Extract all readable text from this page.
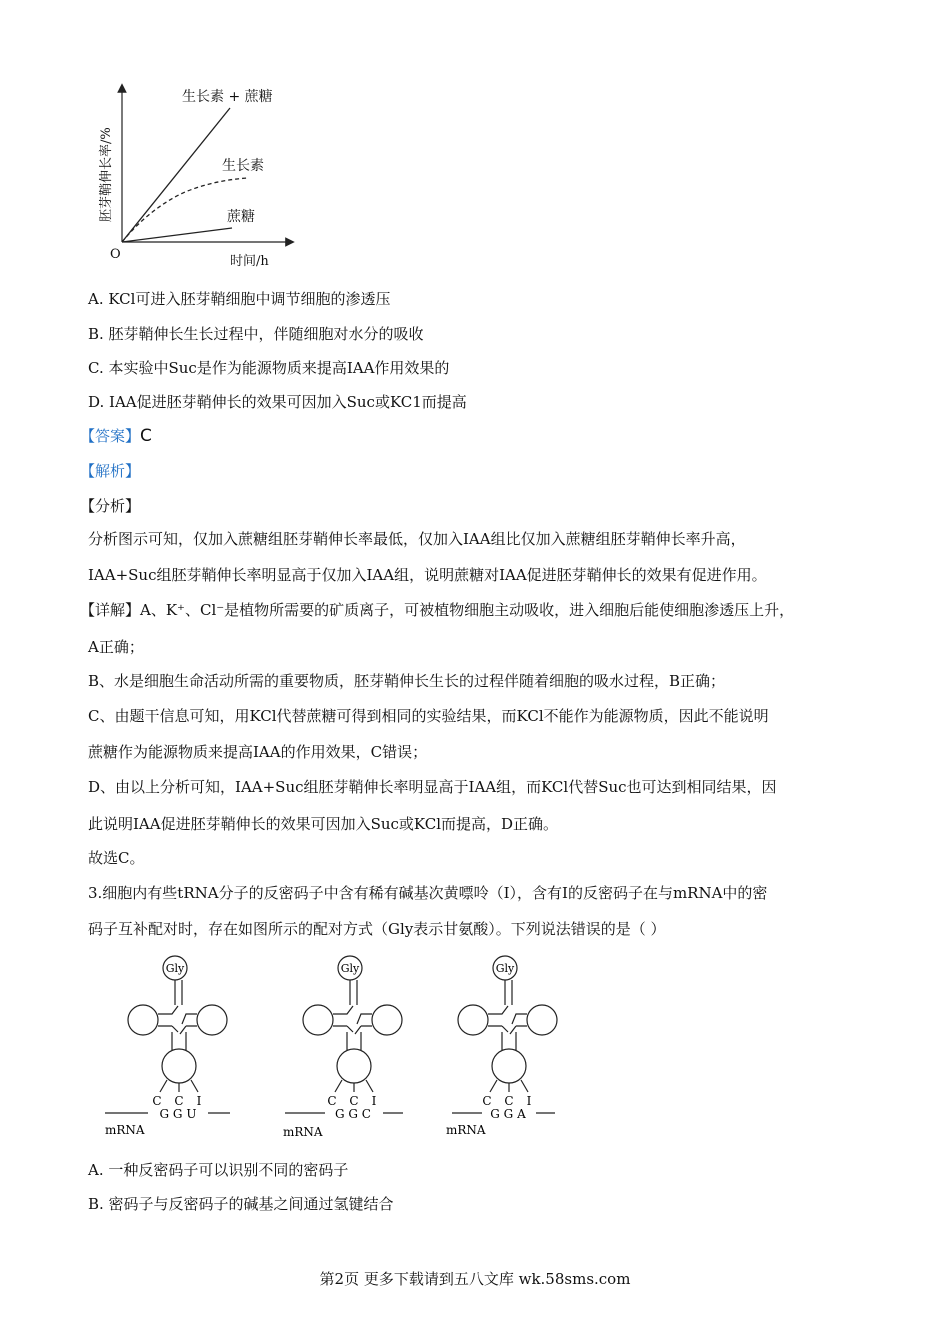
生长素 + 蔗糖
生长素
蔗糖
O	时间/h
胚芽鞘伸长率/%
A. KCl可进入胚芽鞘细胞中调节细胞的渗透压
B. 胚芽鞘伸长生长过程中，伴随细胞对水分的吸收
C. 本实验中Suc是作为能源物质来提高IAA作用效果的
D. IAA促进胚芽鞘伸长的效果可因加入Suc或KC1而提高
【答案】C
【解析】
【分析】
分析图示可知，仅加入蔗糖组胚芽鞘伸长率最低，仅加入IAA组比仅加入蔗糖组胚芽鞘伸长率升高，
IAA+Suc组胚芽鞘伸长率明显高于仅加入IAA组，说明蔗糖对IAA促进胚芽鞘伸长的效果有促进作用。
【详解】A、K⁺、Cl⁻是植物所需要的矿质离子，可被植物细胞主动吸收，进入细胞后能使细胞渗透压上升，
A正确；
B、水是细胞生命活动所需的重要物质，胚芽鞘伸长生长的过程伴随着细胞的吸水过程，B正确；
C、由题干信息可知，用KCl代替蔗糖可得到相同的实验结果，而KCl不能作为能源物质，因此不能说明
蔗糖作为能源物质来提高IAA的作用效果，C错误；
D、由以上分析可知，IAA+Suc组胚芽鞘伸长率明显高于IAA组，而KCl代替Suc也可达到相同结果，因
此说明IAA促进胚芽鞘伸长的效果可因加入Suc或KCl而提高，D正确。
故选C。
3.细胞内有些tRNA分子的反密码子中含有稀有碱基次黄嘌呤（I），含有I的反密码子在与mRNA中的密
码子互补配对时，存在如图所示的配对方式（Gly表示甘氨酸）。下列说法错误的是（ ）
Gly
C C I
G G U
mRNA
Gly
C C I
G G C
mRNA
Gly
C C I
G G A
mRNA
A. 一种反密码子可以识别不同的密码子
B. 密码子与反密码子的碱基之间通过氢键结合
第2页 更多下载请到五八文库 wk.58sms.com
